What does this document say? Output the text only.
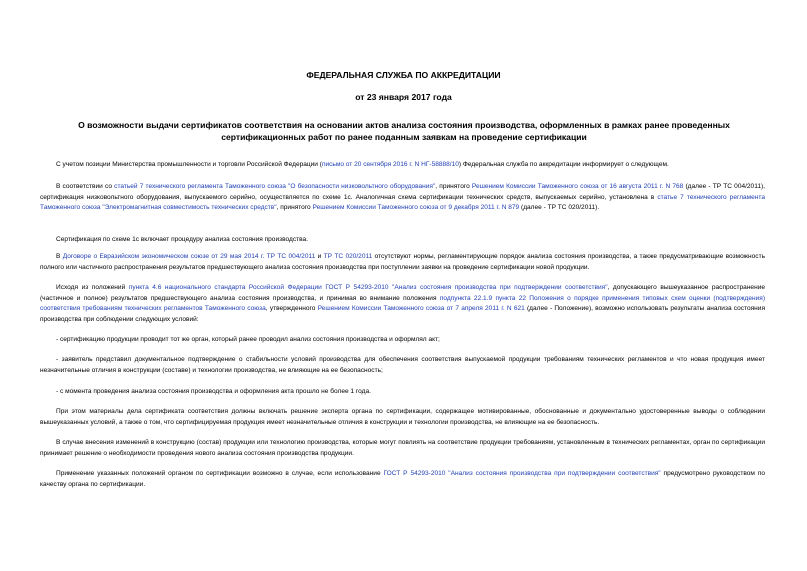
ФЕДЕРАЛЬНАЯ СЛУЖБА ПО АККРЕДИТАЦИИ
от 23 января 2017 года
О возможности выдачи сертификатов соответствия на основании актов анализа состояния производства, оформленных в рамках ранее проведенных сертификационных работ по ранее поданным заявкам на проведение сертификации

С учетом позиции Министерства промышленности и торговли Российской Федерации (письмо от 20 сентября 2016 г. N НГ-58888/10) Федеральная служба по аккредитации информирует о следующем.

В соответствии со статьей 7 технического регламента Таможенного союза "О безопасности низковольтного оборудования", принятого Решением Комиссии Таможенного союза от 16 августа 2011 г. N 768 (далее - ТР ТС 004/2011), сертификация низковольтного оборудования, выпускаемого серийно, осуществляется по схеме 1с. Аналогичная схема сертификации технических средств, выпускаемых серийно, установлена в статье 7 технического регламента Таможенного союза "Электромагнитная совместимость технических средств", принятого Решением Комиссии Таможенного союза от 9 декабря 2011 г. N 879 (далее - ТР ТС 020/2011).

Сертификация по схеме 1с включает процедуру анализа состояния производства.

В Договоре о Евразийском экономическом союзе от 29 мая 2014 г. ТР ТС 004/2011 и ТР ТС 020/2011 отсутствуют нормы, регламентирующие порядок анализа состояния производства, а также предусматривающие возможность полного или частичного распространения результатов предшествующего анализа состояния производства при поступлении заявки на проведение сертификации новой продукции.

Исходя из положений пункта 4.6 национального стандарта Российской Федерации ГОСТ Р 54293-2010 "Анализ состояния производства при подтверждении соответствия", допускающего вышеуказанное распространение (частичное и полное) результатов предшествующего анализа состояния производства, и принимая во внимание положения подпункта 22.1.9 пункта 22 Положения о порядке применения типовых схем оценки (подтверждения) соответствия требованиям технических регламентов Таможенного союза, утвержденного Решением Комиссии Таможенного союза от 7 апреля 2011 г. N 621 (далее - Положение), возможно использовать результаты анализа состояния производства при соблюдении следующих условий:

- сертификацию продукции проводит тот же орган, который ранее проводил анализ состояния производства и оформлял акт;

- заявитель представил документальное подтверждение о стабильности условий производства для обеспечения соответствия выпускаемой продукции требованиям технических регламентов и что новая продукция имеет незначительные отличия в конструкции (составе) и технологии производства, не влияющие на ее безопасность;

- с момента проведения анализа состояния производства и оформления акта прошло не более 1 года.

При этом материалы дела сертификата соответствия должны включать решение эксперта органа по сертификации, содержащее мотивированные, обоснованные и документально удостоверенные выводы о соблюдении вышеуказанных условий, а также о том, что сертифицируемая продукция имеет незначительные отличия в конструкции и технологии производства, не влияющие на ее безопасность.

В случае внесения изменений в конструкцию (состав) продукции или технологию производства, которые могут повлиять на соответствие продукции требованиям, установленным в технических регламентах, орган по сертификации принимает решение о необходимости проведения нового анализа состояния производства продукции.

Применение указанных положений органом по сертификации возможно в случае, если использование ГОСТ Р 54293-2010 "Анализ состояния производства при подтверждении соответствия" предусмотрено руководством по качеству органа по сертификации.
